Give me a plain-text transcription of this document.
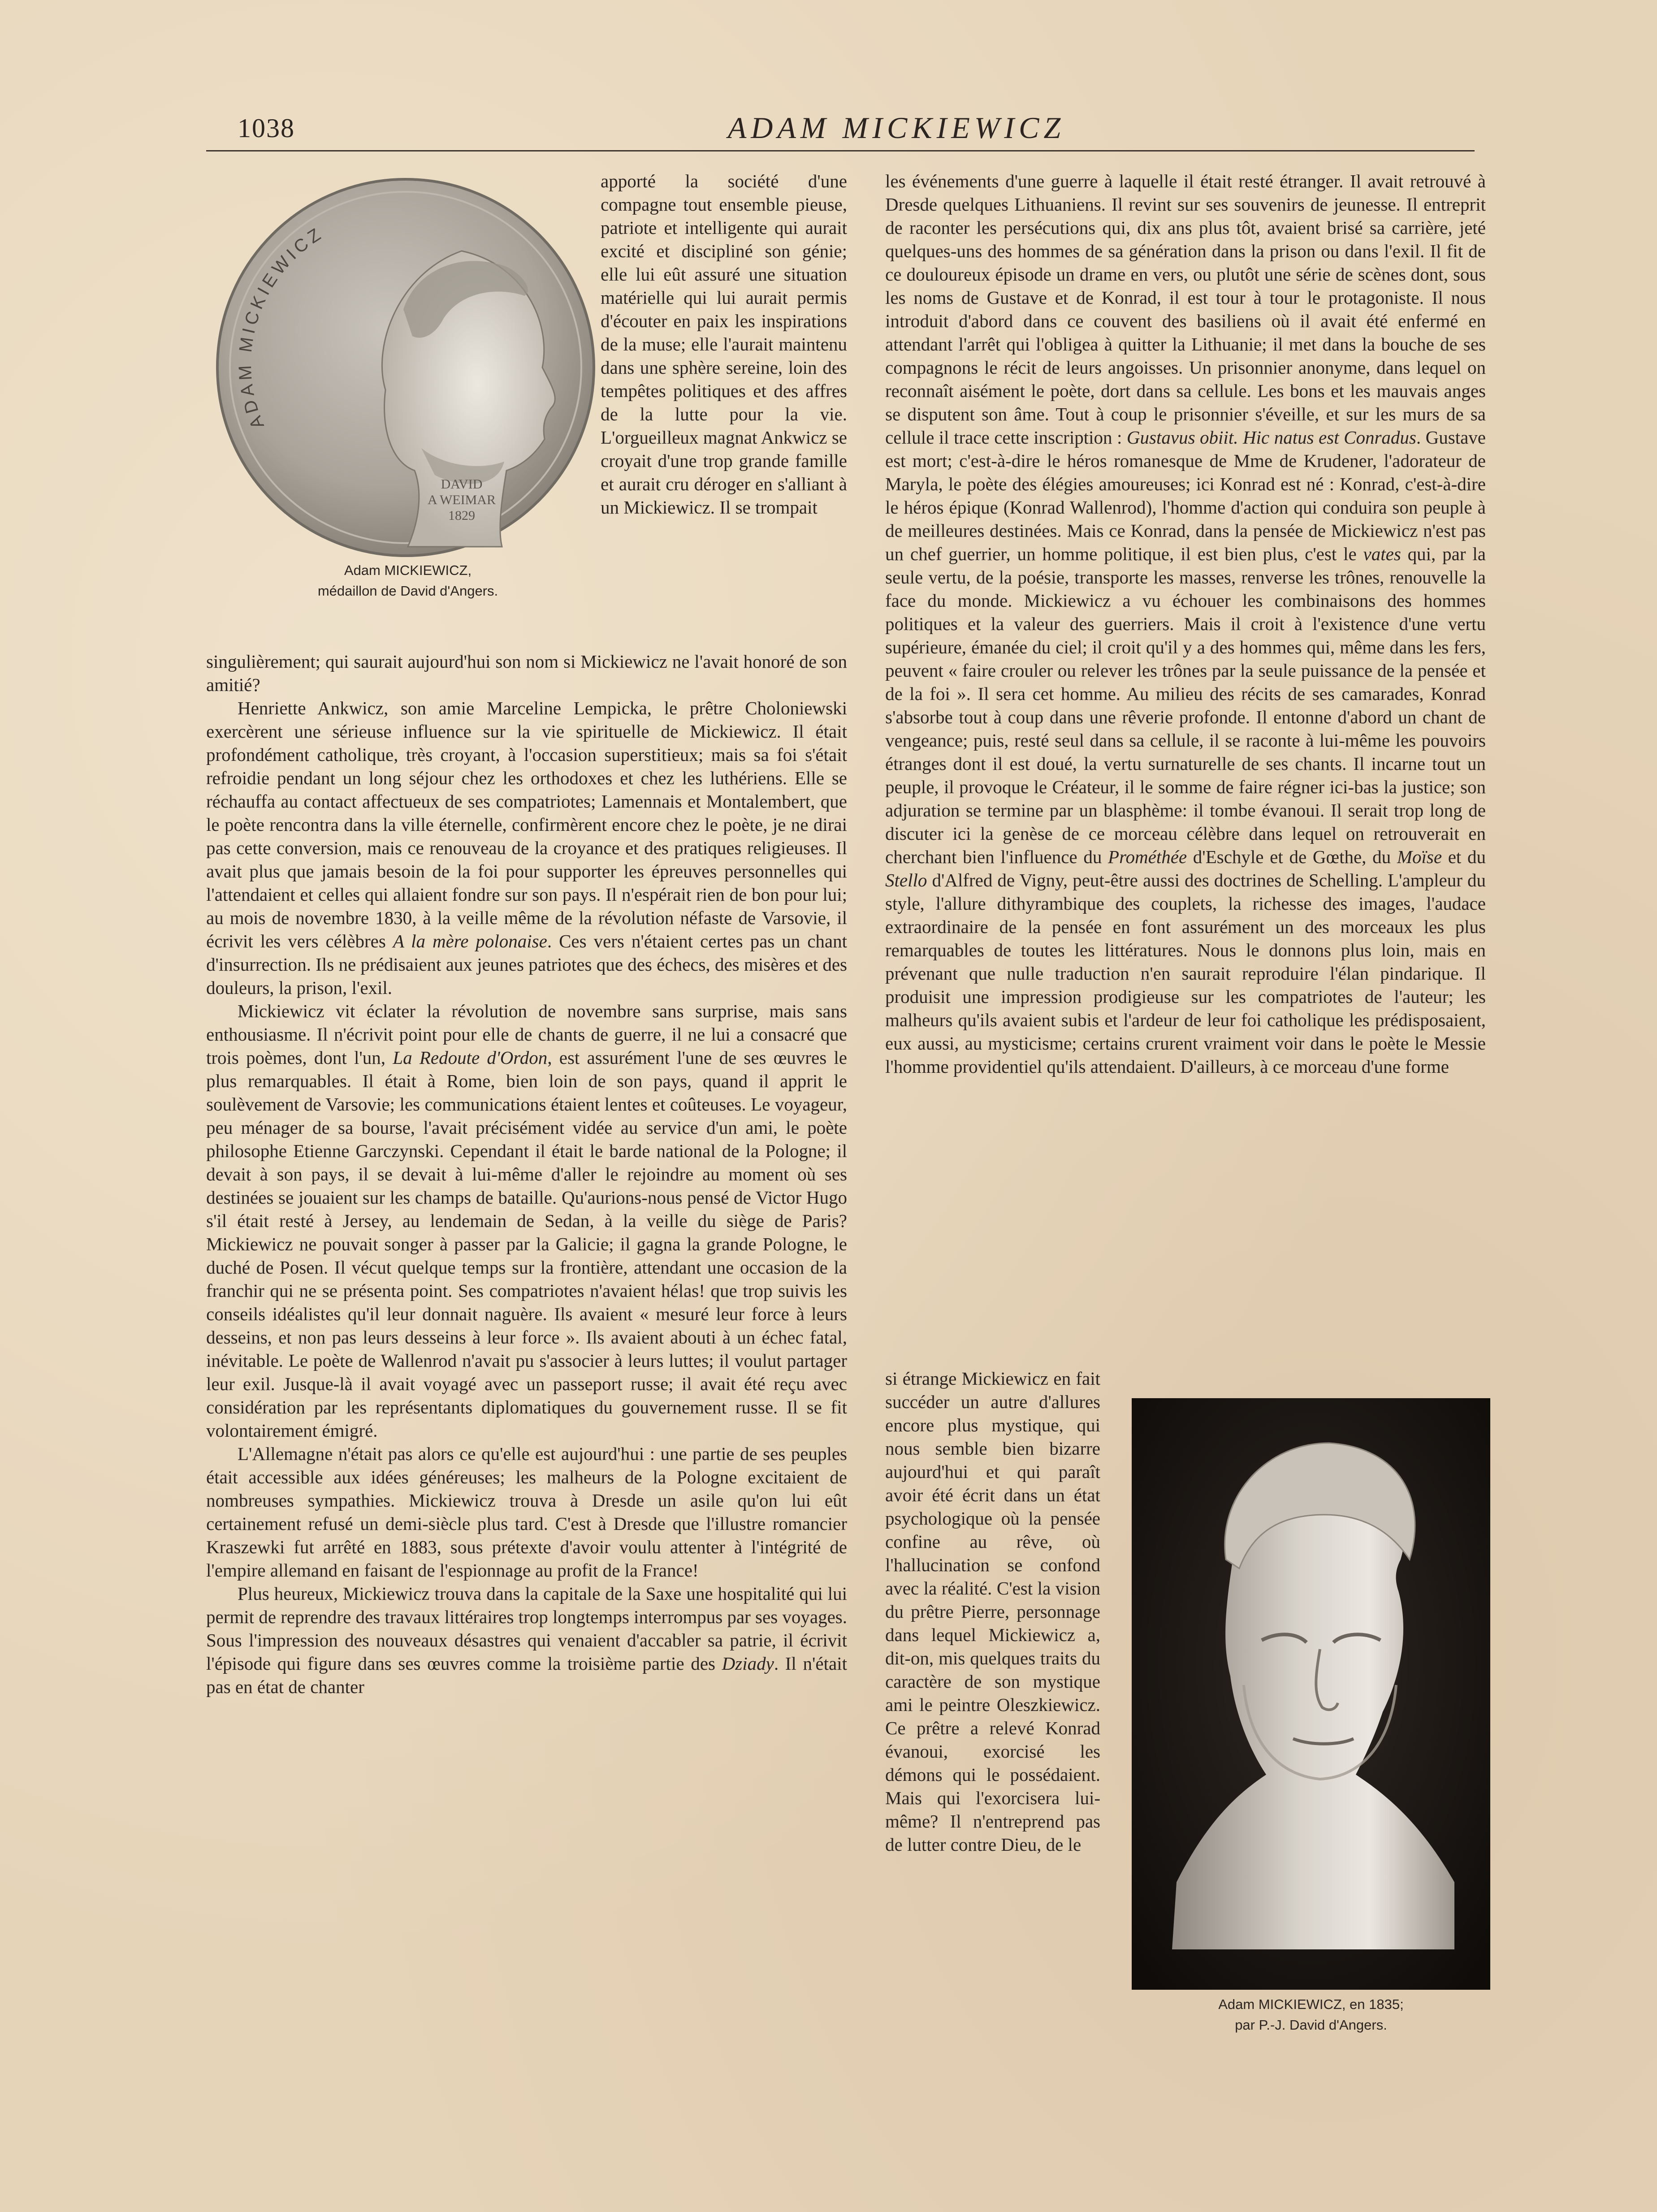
1038	ADAM MICKIEWICZ
ADAM MICKIEWICZ
DAVID
A WEIMAR
1829
Adam MICKIEWICZ,
médaillon de David d'Angers.

apporté la société d'une compagne tout ensemble pieuse, patriote et intelligente qui aurait excité et discipliné son génie; elle lui eût assuré une situation matérielle qui lui aurait permis d'écouter en paix les inspirations de la muse; elle l'aurait maintenu dans une sphère sereine, loin des tempêtes politiques et des affres de la lutte pour la vie. L'orgueilleux magnat Ankwicz se croyait d'une trop grande famille et aurait cru déroger en s'alliant à un Mickiewicz. Il se trompait

singulièrement; qui saurait aujourd'hui son nom si Mickiewicz ne l'avait honoré de son amitié?

Henriette Ankwicz, son amie Marceline Lempicka, le prêtre Choloniewski exercèrent une sérieuse influence sur la vie spirituelle de Mickiewicz. Il était profondément catholique, très croyant, à l'occasion superstitieux; mais sa foi s'était refroidie pendant un long séjour chez les orthodoxes et chez les luthériens. Elle se réchauffa au contact affectueux de ses compatriotes; Lamennais et Montalembert, que le poète rencontra dans la ville éternelle, confirmèrent encore chez le poète, je ne dirai pas cette conversion, mais ce renouveau de la croyance et des pratiques religieuses. Il avait plus que jamais besoin de la foi pour supporter les épreuves personnelles qui l'attendaient et celles qui allaient fondre sur son pays. Il n'espérait rien de bon pour lui; au mois de novembre 1830, à la veille même de la révolution néfaste de Varsovie, il écrivit les vers célèbres A la mère polonaise. Ces vers n'étaient certes pas un chant d'insurrection. Ils ne prédisaient aux jeunes patriotes que des échecs, des misères et des douleurs, la prison, l'exil.

Mickiewicz vit éclater la révolution de novembre sans surprise, mais sans enthousiasme. Il n'écrivit point pour elle de chants de guerre, il ne lui a consacré que trois poèmes, dont l'un, La Redoute d'Ordon, est assurément l'une de ses œuvres le plus remarquables. Il était à Rome, bien loin de son pays, quand il apprit le soulèvement de Varsovie; les communications étaient lentes et coûteuses. Le voyageur, peu ménager de sa bourse, l'avait précisément vidée au service d'un ami, le poète philosophe Etienne Garczynski. Cependant il était le barde national de la Pologne; il devait à son pays, il se devait à lui-même d'aller le rejoindre au moment où ses destinées se jouaient sur les champs de bataille. Qu'aurions-nous pensé de Victor Hugo s'il était resté à Jersey, au lendemain de Sedan, à la veille du siège de Paris? Mickiewicz ne pouvait songer à passer par la Galicie; il gagna la grande Pologne, le duché de Posen. Il vécut quelque temps sur la frontière, attendant une occasion de la franchir qui ne se présenta point. Ses compatriotes n'avaient hélas! que trop suivis les conseils idéalistes qu'il leur donnait naguère. Ils avaient « mesuré leur force à leurs desseins, et non pas leurs desseins à leur force ». Ils avaient abouti à un échec fatal, inévitable. Le poète de Wallenrod n'avait pu s'associer à leurs luttes; il voulut partager leur exil. Jusque-là il avait voyagé avec un passeport russe; il avait été reçu avec considération par les représentants diplomatiques du gouvernement russe. Il se fit volontairement émigré.

L'Allemagne n'était pas alors ce qu'elle est aujourd'hui : une partie de ses peuples était accessible aux idées généreuses; les malheurs de la Pologne excitaient de nombreuses sympathies. Mickiewicz trouva à Dresde un asile qu'on lui eût certainement refusé un demi-siècle plus tard. C'est à Dresde que l'illustre romancier Kraszewki fut arrêté en 1883, sous prétexte d'avoir voulu attenter à l'intégrité de l'empire allemand en faisant de l'espionnage au profit de la France!

Plus heureux, Mickiewicz trouva dans la capitale de la Saxe une hospitalité qui lui permit de reprendre des travaux littéraires trop longtemps interrompus par ses voyages. Sous l'impression des nouveaux désastres qui venaient d'accabler sa patrie, il écrivit l'épisode qui figure dans ses œuvres comme la troisième partie des Dziady. Il n'était pas en état de chanter

les événements d'une guerre à laquelle il était resté étranger. Il avait retrouvé à Dresde quelques Lithuaniens. Il revint sur ses souvenirs de jeunesse. Il entreprit de raconter les persécutions qui, dix ans plus tôt, avaient brisé sa carrière, jeté quelques-uns des hommes de sa génération dans la prison ou dans l'exil. Il fit de ce douloureux épisode un drame en vers, ou plutôt une série de scènes dont, sous les noms de Gustave et de Konrad, il est tour à tour le protagoniste. Il nous introduit d'abord dans ce couvent des basiliens où il avait été enfermé en attendant l'arrêt qui l'obligea à quitter la Lithuanie; il met dans la bouche de ses compagnons le récit de leurs angoisses. Un prisonnier anonyme, dans lequel on reconnaît aisément le poète, dort dans sa cellule. Les bons et les mauvais anges se disputent son âme. Tout à coup le prisonnier s'éveille, et sur les murs de sa cellule il trace cette inscription : Gustavus obiit. Hic natus est Conradus. Gustave est mort; c'est-à-dire le héros romanesque de Mme de Krudener, l'adorateur de Maryla, le poète des élégies amoureuses; ici Konrad est né : Konrad, c'est-à-dire le héros épique (Konrad Wallenrod), l'homme d'action qui conduira son peuple à de meilleures destinées. Mais ce Konrad, dans la pensée de Mickiewicz n'est pas un chef guerrier, un homme politique, il est bien plus, c'est le vates qui, par la seule vertu, de la poésie, transporte les masses, renverse les trônes, renouvelle la face du monde. Mickiewicz a vu échouer les combinaisons des hommes politiques et la valeur des guerriers. Mais il croit à l'existence d'une vertu supérieure, émanée du ciel; il croit qu'il y a des hommes qui, même dans les fers, peuvent « faire crouler ou relever les trônes par la seule puissance de la pensée et de la foi ». Il sera cet homme. Au milieu des récits de ses camarades, Konrad s'absorbe tout à coup dans une rêverie profonde. Il entonne d'abord un chant de vengeance; puis, resté seul dans sa cellule, il se raconte à lui-même les pouvoirs étranges dont il est doué, la vertu surnaturelle de ses chants. Il incarne tout un peuple, il provoque le Créateur, il le somme de faire régner ici-bas la justice; son adjuration se termine par un blasphème: il tombe évanoui. Il serait trop long de discuter ici la genèse de ce morceau célèbre dans lequel on retrouverait en cherchant bien l'influence du Prométhée d'Eschyle et de Gœthe, du Moïse et du Stello d'Alfred de Vigny, peut-être aussi des doctrines de Schelling. L'ampleur du style, l'allure dithyrambique des couplets, la richesse des images, l'audace extraordinaire de la pensée en font assurément un des morceaux les plus remarquables de toutes les littératures. Nous le donnons plus loin, mais en prévenant que nulle traduction n'en saurait reproduire l'élan pindarique. Il produisit une impression prodigieuse sur les compatriotes de l'auteur; les malheurs qu'ils avaient subis et l'ardeur de leur foi catholique les prédisposaient, eux aussi, au mysticisme; certains crurent vraiment voir dans le poète le Messie l'homme providentiel qu'ils attendaient. D'ailleurs, à ce morceau d'une forme

si étrange Mickiewicz en fait succéder un autre d'allures encore plus mystique, qui nous semble bien bizarre aujourd'hui et qui paraît avoir été écrit dans un état psychologique où la pensée confine au rêve, où l'hallucination se confond avec la réalité. C'est la vision du prêtre Pierre, personnage dans lequel Mickiewicz a, dit-on, mis quelques traits du caractère de son mystique ami le peintre Oleszkiewicz. Ce prêtre a relevé Konrad évanoui, exorcisé les démons qui le possédaient. Mais qui l'exorcisera lui-même? Il n'entreprend pas de lutter contre Dieu, de le

Adam MICKIEWICZ, en 1835;
par P.-J. David d'Angers.
